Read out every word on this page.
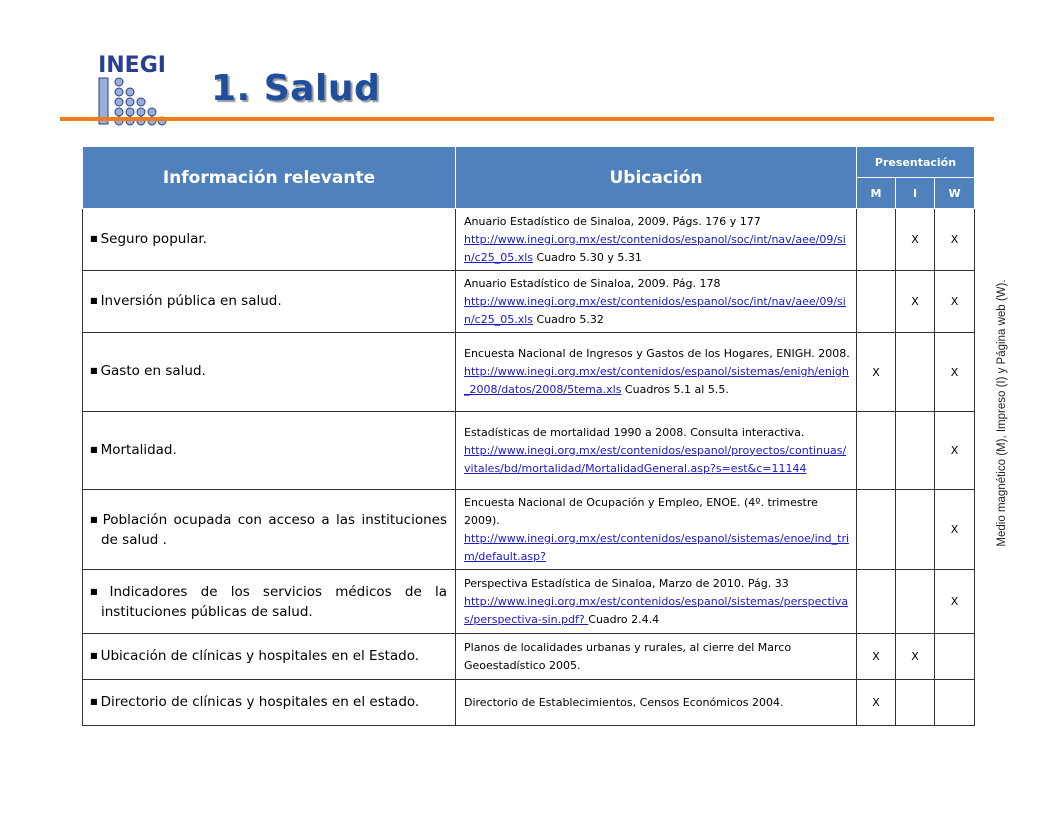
INEGI
1. Salud
Medio magnético (M), Impreso (I) y Página web (W).
Información relevante	Ubicación	Presentación		
		M	I	W
■ Seguro popular.	Anuario Estadístico de Sinaloa, 2009. Págs. 176 y 177
http://www.inegi.org.mx/est/contenidos/espanol/soc/int/nav/aee/09/sin/c25_05.xls Cuadro 5.30 y 5.31		X	X
■ Inversión pública en salud.	Anuario Estadístico de Sinaloa, 2009. Pág. 178
http://www.inegi.org.mx/est/contenidos/espanol/soc/int/nav/aee/09/sin/c25_05.xls Cuadro 5.32		X	X
■ Gasto en salud.	Encuesta Nacional de Ingresos y Gastos de los Hogares, ENIGH. 2008.
http://www.inegi.org.mx/est/contenidos/espanol/sistemas/enigh/enigh_2008/datos/2008/5tema.xls Cuadros 5.1 al 5.5.	X		X
■ Mortalidad.	Estadísticas de mortalidad 1990 a 2008. Consulta interactiva.
http://www.inegi.org.mx/est/contenidos/espanol/proyectos/continuas/vitales/bd/mortalidad/MortalidadGeneral.asp?s=est&c=11144			X
■ Población ocupada con acceso a las instituciones de salud .	Encuesta Nacional de Ocupación y Empleo, ENOE. (4º. trimestre 2009).
http://www.inegi.org.mx/est/contenidos/espanol/sistemas/enoe/ind_trim/default.asp?			X
■ Indicadores de los servicios médicos de la instituciones públicas de salud.	Perspectiva Estadística de Sinaloa, Marzo de 2010. Pág. 33
http://www.inegi.org.mx/est/contenidos/espanol/sistemas/perspectivas/perspectiva-sin.pdf? Cuadro 2.4.4			X
■ Ubicación de clínicas y hospitales en el Estado.	Planos de localidades urbanas y rurales, al cierre del Marco Geoestadístico 2005.	X	X	
■ Directorio de clínicas y hospitales en el estado.	Directorio de Establecimientos, Censos Económicos 2004.	X		
